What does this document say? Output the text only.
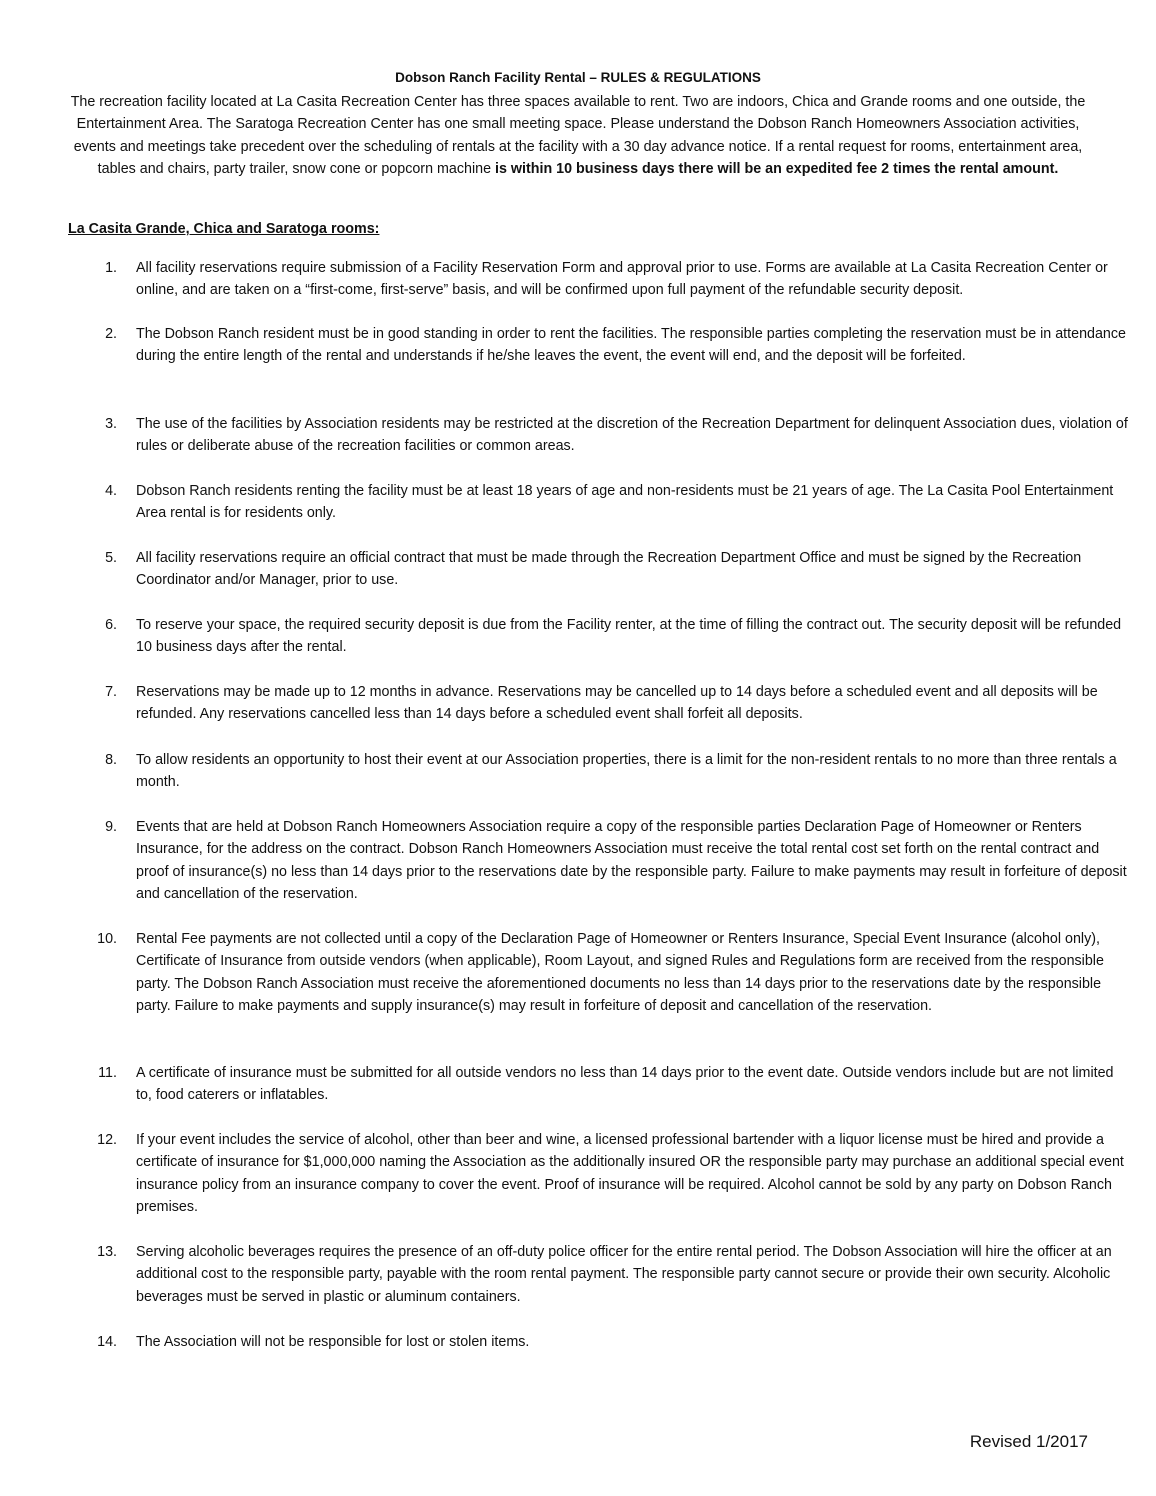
Dobson Ranch Facility Rental – RULES & REGULATIONS
The recreation facility located at La Casita Recreation Center has three spaces available to rent. Two are indoors, Chica and Grande rooms and one outside, the Entertainment Area. The Saratoga Recreation Center has one small meeting space. Please understand the Dobson Ranch Homeowners Association activities, events and meetings take precedent over the scheduling of rentals at the facility with a 30 day advance notice. If a rental request for rooms, entertainment area, tables and chairs, party trailer, snow cone or popcorn machine is within 10 business days there will be an expedited fee 2 times the rental amount.
La Casita Grande, Chica and Saratoga rooms:
1. All facility reservations require submission of a Facility Reservation Form and approval prior to use. Forms are available at La Casita Recreation Center or online, and are taken on a “first-come, first-serve” basis, and will be confirmed upon full payment of the refundable security deposit.
2. The Dobson Ranch resident must be in good standing in order to rent the facilities. The responsible parties completing the reservation must be in attendance during the entire length of the rental and understands if he/she leaves the event, the event will end, and the deposit will be forfeited.
3. The use of the facilities by Association residents may be restricted at the discretion of the Recreation Department for delinquent Association dues, violation of rules or deliberate abuse of the recreation facilities or common areas.
4. Dobson Ranch residents renting the facility must be at least 18 years of age and non-residents must be 21 years of age. The La Casita Pool Entertainment Area rental is for residents only.
5. All facility reservations require an official contract that must be made through the Recreation Department Office and must be signed by the Recreation Coordinator and/or Manager, prior to use.
6. To reserve your space, the required security deposit is due from the Facility renter, at the time of filling the contract out. The security deposit will be refunded 10 business days after the rental.
7. Reservations may be made up to 12 months in advance. Reservations may be cancelled up to 14 days before a scheduled event and all deposits will be refunded. Any reservations cancelled less than 14 days before a scheduled event shall forfeit all deposits.
8. To allow residents an opportunity to host their event at our Association properties, there is a limit for the non-resident rentals to no more than three rentals a month.
9. Events that are held at Dobson Ranch Homeowners Association require a copy of the responsible parties Declaration Page of Homeowner or Renters Insurance, for the address on the contract. Dobson Ranch Homeowners Association must receive the total rental cost set forth on the rental contract and proof of insurance(s) no less than 14 days prior to the reservations date by the responsible party. Failure to make payments may result in forfeiture of deposit and cancellation of the reservation.
10. Rental Fee payments are not collected until a copy of the Declaration Page of Homeowner or Renters Insurance, Special Event Insurance (alcohol only), Certificate of Insurance from outside vendors (when applicable), Room Layout, and signed Rules and Regulations form are received from the responsible party. The Dobson Ranch Association must receive the aforementioned documents no less than 14 days prior to the reservations date by the responsible party. Failure to make payments and supply insurance(s) may result in forfeiture of deposit and cancellation of the reservation.
11. A certificate of insurance must be submitted for all outside vendors no less than 14 days prior to the event date. Outside vendors include but are not limited to, food caterers or inflatables.
12. If your event includes the service of alcohol, other than beer and wine, a licensed professional bartender with a liquor license must be hired and provide a certificate of insurance for $1,000,000 naming the Association as the additionally insured OR the responsible party may purchase an additional special event insurance policy from an insurance company to cover the event. Proof of insurance will be required. Alcohol cannot be sold by any party on Dobson Ranch premises.
13. Serving alcoholic beverages requires the presence of an off-duty police officer for the entire rental period. The Dobson Association will hire the officer at an additional cost to the responsible party, payable with the room rental payment. The responsible party cannot secure or provide their own security. Alcoholic beverages must be served in plastic or aluminum containers.
14. The Association will not be responsible for lost or stolen items.
Revised 1/2017
